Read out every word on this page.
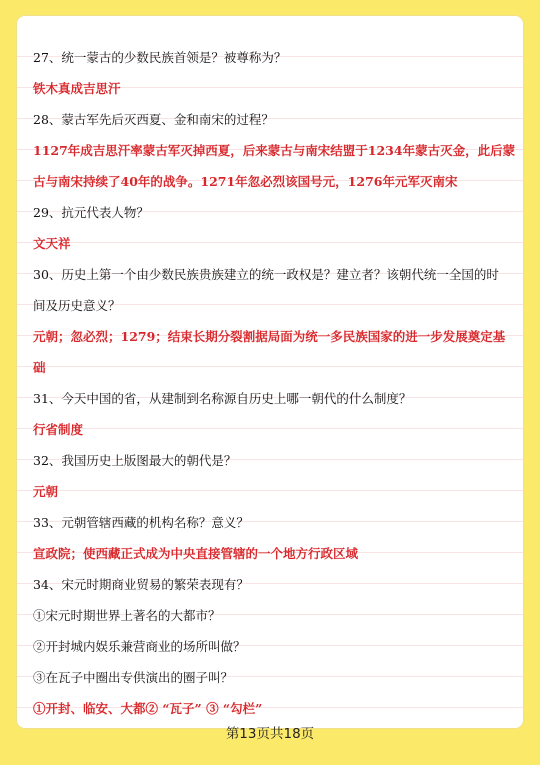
27、统一蒙古的少数民族首领是？被尊称为？
铁木真成吉思汗
28、蒙古军先后灭西夏、金和南宋的过程？
1127年成吉思汗率蒙古军灭掉西夏，后来蒙古与南宋结盟于1234年蒙古灭金，此后蒙
古与南宋持续了40年的战争。1271年忽必烈该国号元，1276年元军灭南宋
29、抗元代表人物？
文天祥
30、历史上第一个由少数民族贵族建立的统一政权是？建立者？该朝代统一全国的时
间及历史意义？
元朝；忽必烈；1279；结束长期分裂割据局面为统一多民族国家的进一步发展奠定基
础
31、今天中国的省，从建制到名称源自历史上哪一朝代的什么制度？
行省制度
32、我国历史上版图最大的朝代是？
元朝
33、元朝管辖西藏的机构名称？意义？
宣政院；使西藏正式成为中央直接管辖的一个地方行政区域
34、宋元时期商业贸易的繁荣表现有？
①宋元时期世界上著名的大都市？
②开封城内娱乐兼营商业的场所叫做？
③在瓦子中圈出专供演出的圈子叫？
①开封、临安、大都② “瓦子” ③ “勾栏”
第13页共18页
